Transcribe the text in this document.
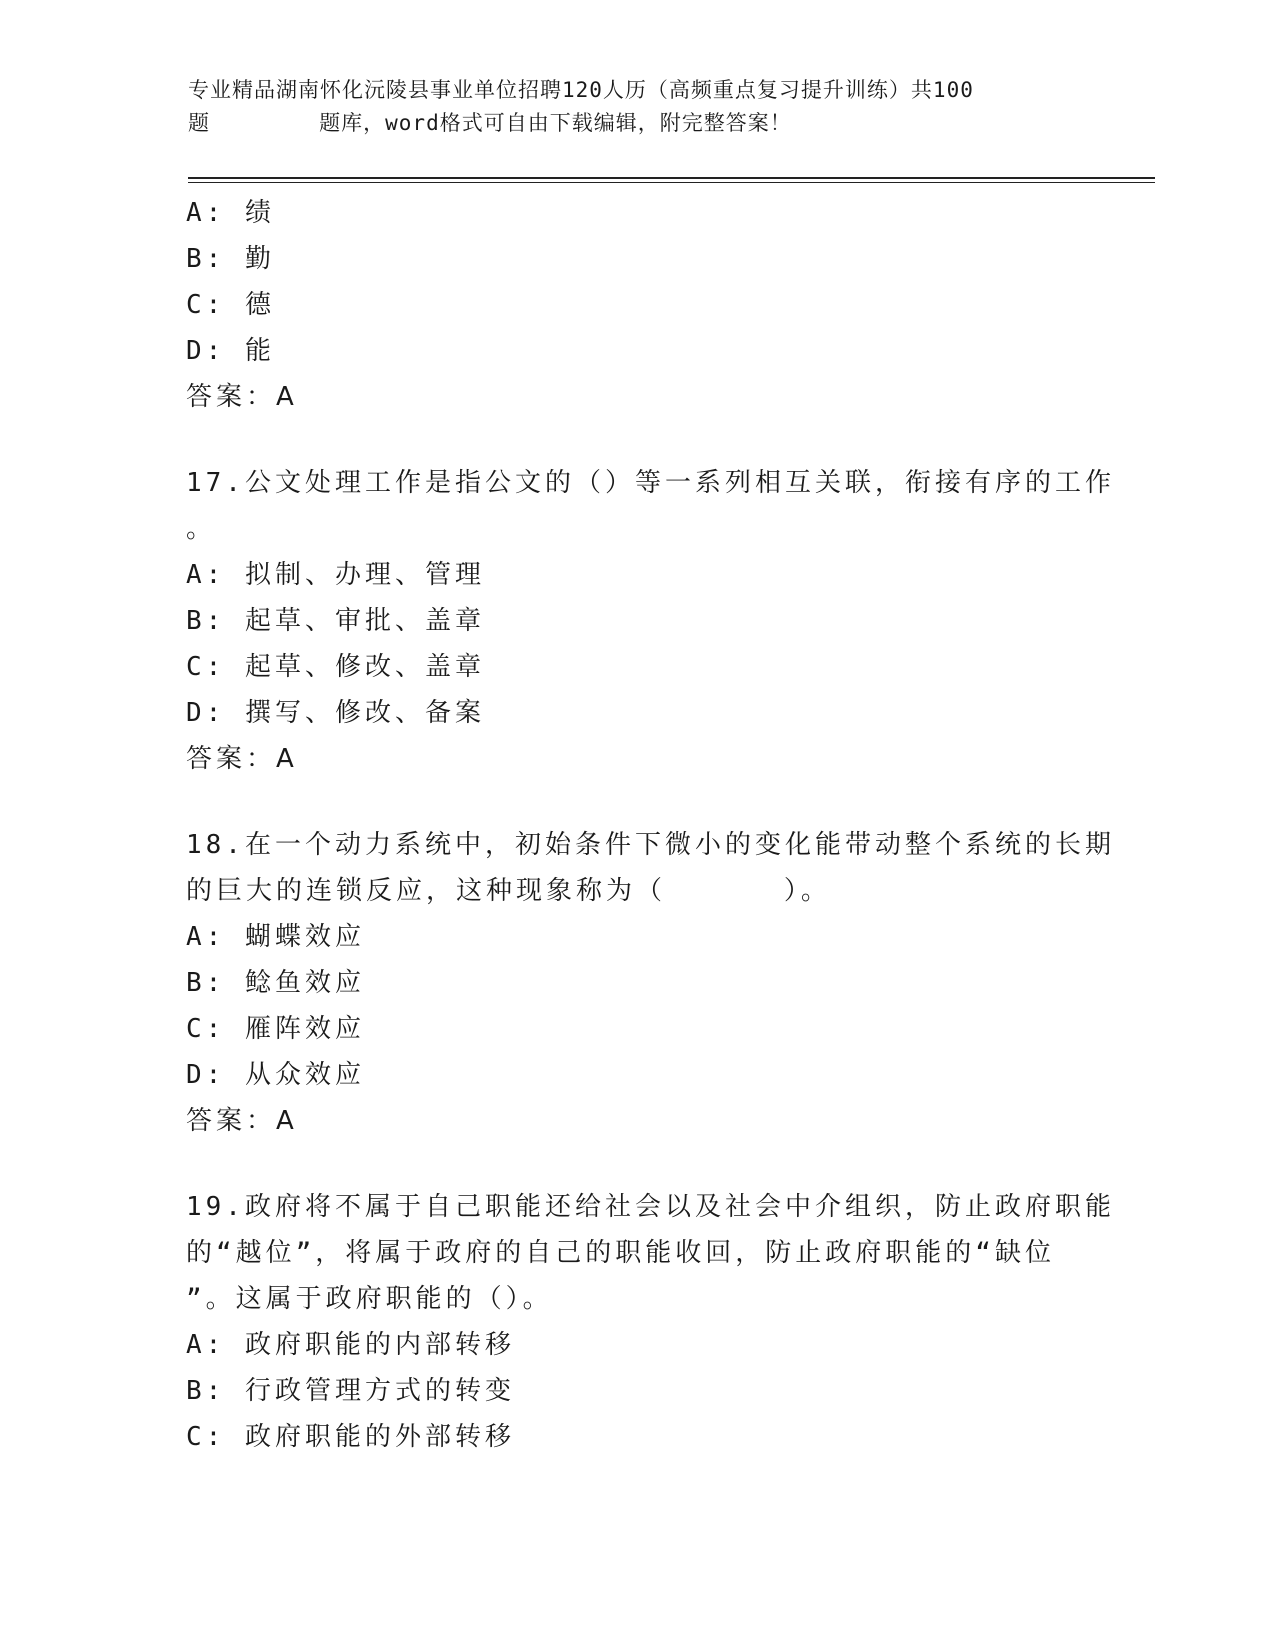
专业精品湖南怀化沅陵县事业单位招聘120人历（高频重点复习提升训练）共100
题        题库，word格式可自由下载编辑，附完整答案！
A: 绩
B: 勤
C: 德
D: 能
答案：A
17.公文处理工作是指公文的（）等一系列相互关联，衔接有序的工作
。
A: 拟制、办理、管理
B: 起草、审批、盖章
C: 起草、修改、盖章
D: 撰写、修改、备案
答案：A
18.在一个动力系统中，初始条件下微小的变化能带动整个系统的长期
的巨大的连锁反应，这种现象称为（      ）。
A: 蝴蝶效应
B: 鲶鱼效应
C: 雁阵效应
D: 从众效应
答案：A
19.政府将不属于自己职能还给社会以及社会中介组织，防止政府职能
的“越位”，将属于政府的自己的职能收回，防止政府职能的“缺位
”。这属于政府职能的（）。
A: 政府职能的内部转移
B: 行政管理方式的转变
C: 政府职能的外部转移
